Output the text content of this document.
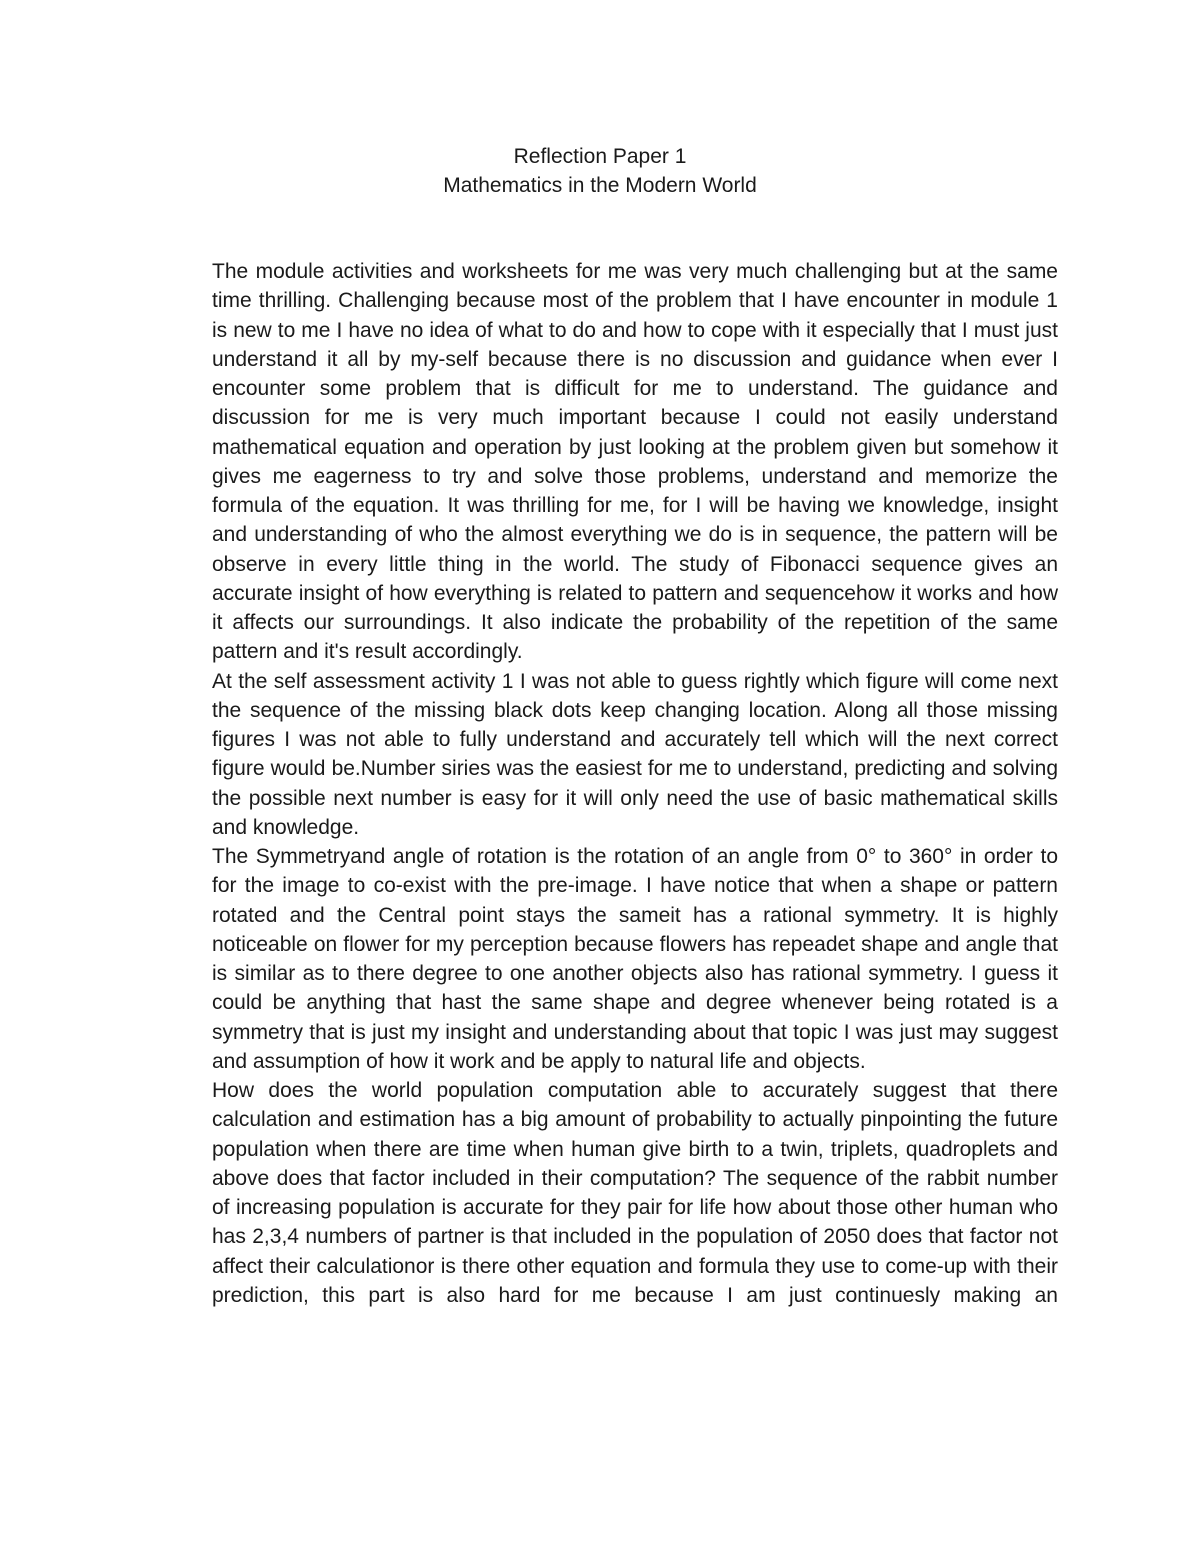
Reflection Paper 1
Mathematics in the Modern World

The module activities and worksheets for me was very much challenging but at the same time thrilling. Challenging because most of the problem that I have encounter in module 1 is new to me I have no idea of what to do and how to cope with it especially that I must just understand it all by my-self because there is no discussion and guidance when ever I encounter some problem that is difficult for me to understand. The guidance and discussion for me is very much important because I could not easily understand mathematical equation and operation by just looking at the problem given but somehow it gives me eagerness to try and solve those problems, understand and memorize the formula of the equation. It was thrilling for me, for I will be having we knowledge, insight and understanding of who the almost everything we do is in sequence, the pattern will be observe in every little thing in the world. The study of Fibonacci sequence gives an accurate insight of how everything is related to pattern and sequencehow it works and how it affects our surroundings. It also indicate the probability of the repetition of the same pattern and it's result accordingly.

At the self assessment activity 1 I was not able to guess rightly which figure will come next the sequence of the missing black dots keep changing location. Along all those missing figures I was not able to fully understand and accurately tell which will the next correct figure would be.Number siries was the easiest for me to understand, predicting and solving the possible next number is easy for it will only need the use of basic mathematical skills and knowledge.

The Symmetryand angle of rotation is the rotation of an angle from 0° to 360° in order to for the image to co-exist with the pre-image. I have notice that when a shape or pattern rotated and the Central point stays the sameit has a rational symmetry. It is highly noticeable on flower for my perception because flowers has repeadet shape and angle that is similar as to there degree to one another objects also has rational symmetry. I guess it could be anything that hast the same shape and degree whenever being rotated is a symmetry that is just my insight and understanding about that topic I was just may suggest and assumption of how it work and be apply to natural life and objects.

How does the world population computation able to accurately suggest that there calculation and estimation has a big amount of probability to actually pinpointing the future population when there are time when human give birth to a twin, triplets, quadroplets and above does that factor included in their computation? The sequence of the rabbit number of increasing population is accurate for they pair for life how about those other human who has 2,3,4 numbers of partner is that included in the population of 2050 does that factor not affect their calculationor is there other equation and formula they use to come-up with their prediction, this part is also hard for me because I am just continuesly making an
